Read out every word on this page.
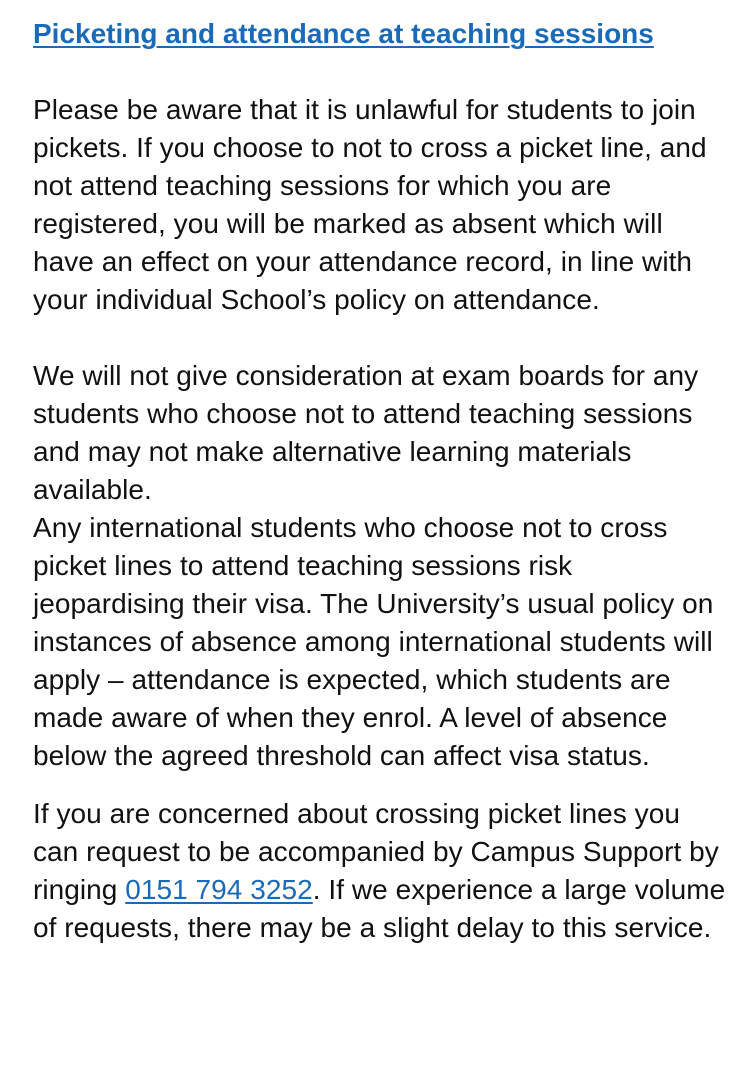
Picketing and attendance at teaching sessions

Please be aware that it is unlawful for students to join pickets. If you choose to not to cross a picket line, and not attend teaching sessions for which you are registered, you will be marked as absent which will have an effect on your attendance record, in line with your individual School’s policy on attendance.

We will not give consideration at exam boards for any students who choose not to attend teaching sessions and may not make alternative learning materials available.

Any international students who choose not to cross picket lines to attend teaching sessions risk jeopardising their visa. The University’s usual policy on instances of absence among international students will apply – attendance is expected, which students are made aware of when they enrol. A level of absence below the agreed threshold can affect visa status.

If you are concerned about crossing picket lines you can request to be accompanied by Campus Support by ringing 0151 794 3252. If we experience a large volume of requests, there may be a slight delay to this service.
